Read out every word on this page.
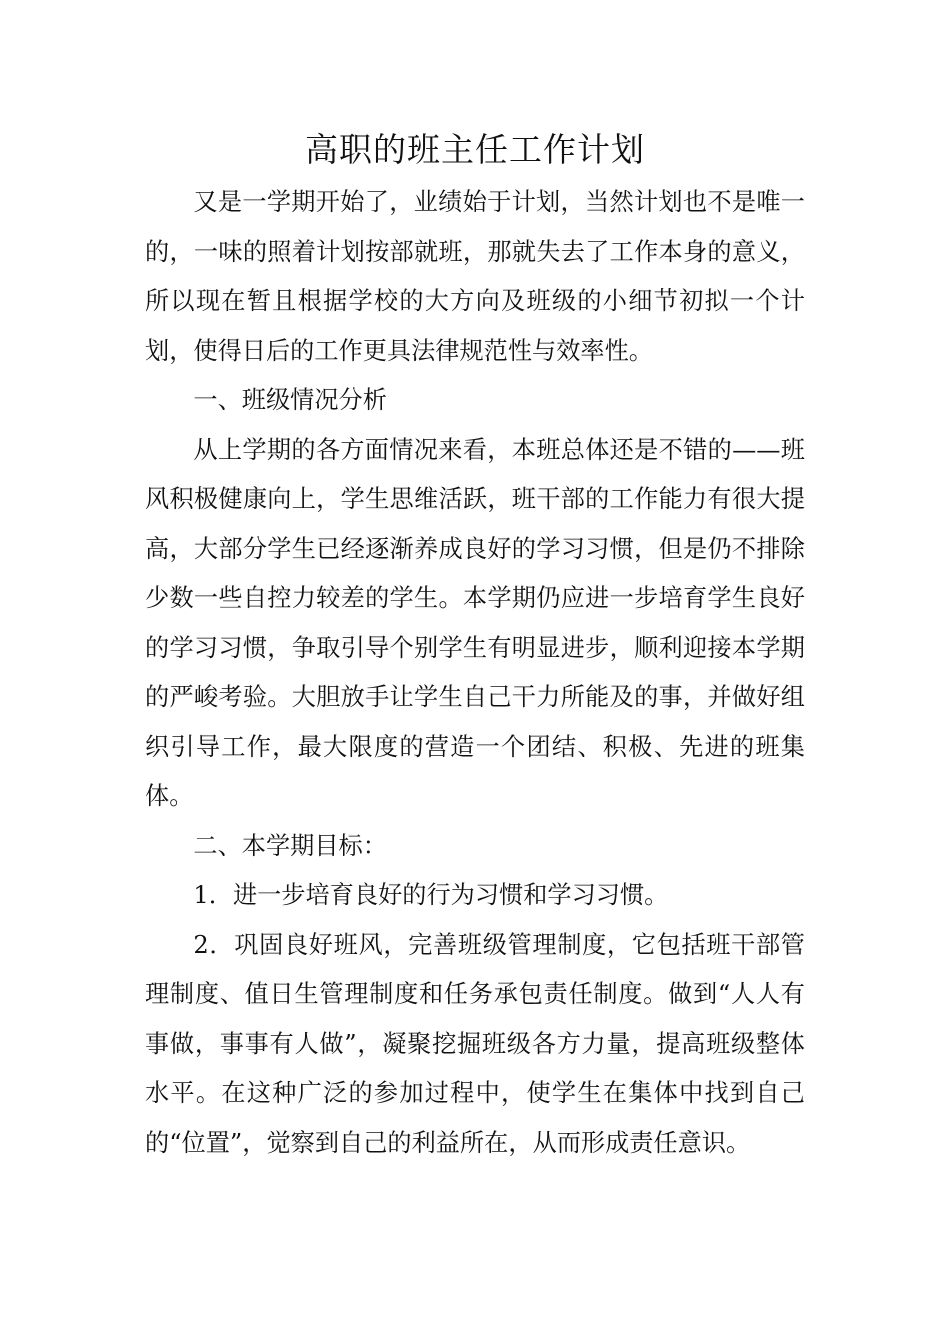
高职的班主任工作计划

又是一学期开始了，业绩始于计划，当然计划也不是唯一的，一味的照着计划按部就班，那就失去了工作本身的意义，所以现在暂且根据学校的大方向及班级的小细节初拟一个计划，使得日后的工作更具法律规范性与效率性。

一、班级情况分析

从上学期的各方面情况来看，本班总体还是不错的——班风积极健康向上，学生思维活跃，班干部的工作能力有很大提高，大部分学生已经逐渐养成良好的学习习惯，但是仍不排除少数一些自控力较差的学生。本学期仍应进一步培育学生良好的学习习惯，争取引导个别学生有明显进步，顺利迎接本学期的严峻考验。大胆放手让学生自己干力所能及的事，并做好组织引导工作，最大限度的营造一个团结、积极、先进的班集体。

二、本学期目标：

1．进一步培育良好的行为习惯和学习习惯。

2．巩固良好班风，完善班级管理制度，它包括班干部管理制度、值日生管理制度和任务承包责任制度。做到“人人有事做，事事有人做”，凝聚挖掘班级各方力量，提高班级整体水平。在这种广泛的参加过程中，使学生在集体中找到自己的“位置”，觉察到自己的利益所在，从而形成责任意识。
